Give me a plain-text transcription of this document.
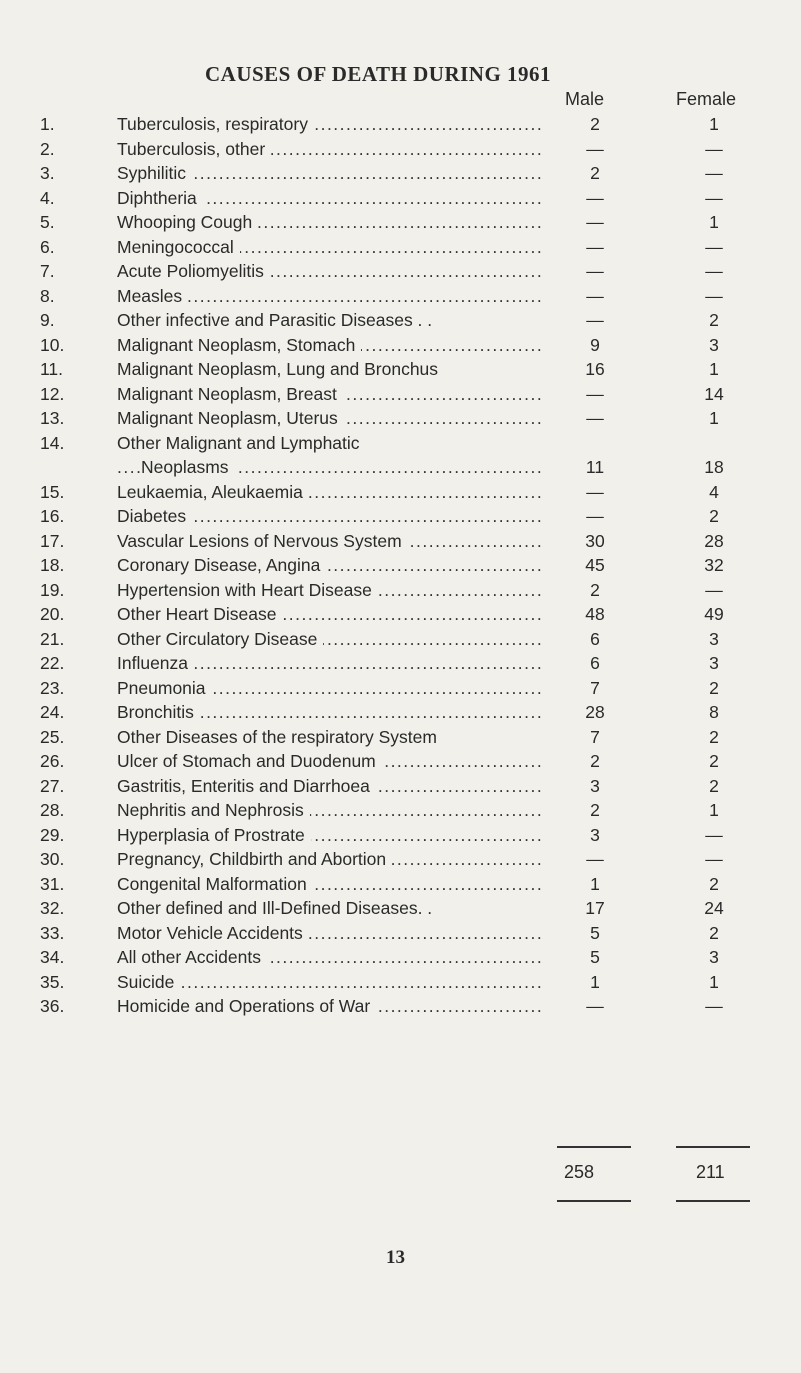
CAUSES OF DEATH DURING 1961
Male	Female
1.	..... Tuberculosis, respiratory	2	1
2.	..... Tuberculosis, other	—	—
3.	..... Syphilitic	2	—
4.	..... Diphtheria	—	—
5.	..... Whooping Cough	—	1
6.	..... Meningococcal	—	—
7.	..... Acute Poliomyelitis	—	—
8.	..... Measles	—	—
9.	Other infective and Parasitic Diseases . .	—	2
10.	..... Malignant Neoplasm, Stomach	9	3
11.	Malignant Neoplasm, Lung and Bronchus	16	1
12.	..... Malignant Neoplasm, Breast	—	14
13.	..... Malignant Neoplasm, Uterus	—	1
14.	..... Other Malignant and Lymphatic
Neoplasms	11	18
15.	..... Leukaemia, Aleukaemia	—	4
16.	..... Diabetes	—	2
17.	..... Vascular Lesions of Nervous System	30	28
18.	..... Coronary Disease, Angina	45	32
19.	..... Hypertension with Heart Disease	2	—
20.	..... Other Heart Disease	48	49
21.	..... Other Circulatory Disease	6	3
22.	..... Influenza	6	3
23.	..... Pneumonia	7	2
24.	..... Bronchitis	28	8
25.	Other Diseases of the respiratory System	7	2
26.	..... Ulcer of Stomach and Duodenum	2	2
27.	..... Gastritis, Enteritis and Diarrhoea	3	2
28.	..... Nephritis and Nephrosis	2	1
29.	..... Hyperplasia of Prostrate	3	—
30.	..... Pregnancy, Childbirth and Abortion	—	—
31.	..... Congenital Malformation	1	2
32.	Other defined and Ill-Defined Diseases. .	17	24
33.	..... Motor Vehicle Accidents	5	2
34.	..... All other Accidents	5	3
35.	..... Suicide	1	1
36.	..... Homicide and Operations of War	—	—
258	211
13
